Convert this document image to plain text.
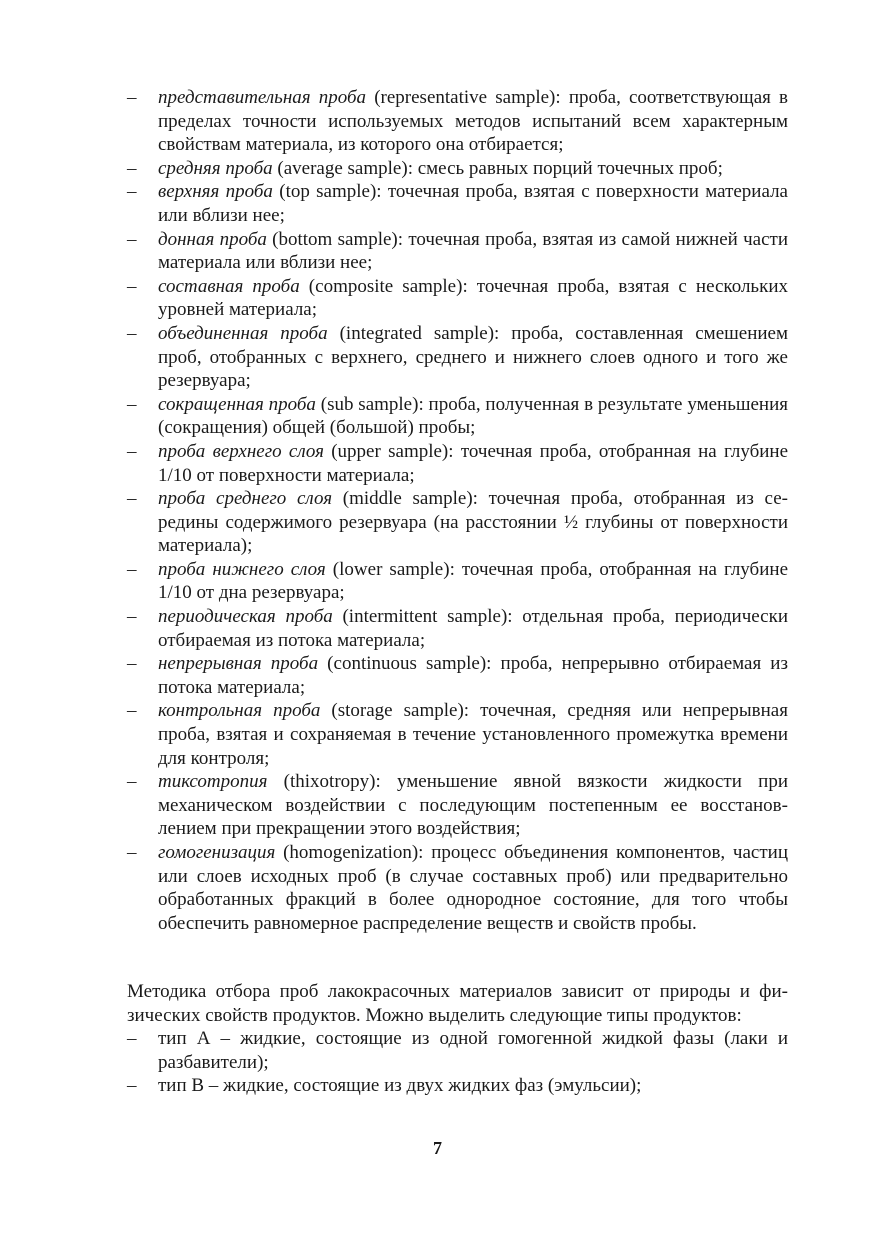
– представительная проба (representative sample): проба, соответствующая в пределах точности используемых методов испытаний всем характерным свойствам материала, из которого она отбирается;
– средняя проба (average sample): смесь равных порций точечных проб;
– верхняя проба (top sample): точечная проба, взятая с поверхности материала или вблизи нее;
– донная проба (bottom sample): точечная проба, взятая из самой нижней части материала или вблизи нее;
– составная проба (composite sample): точечная проба, взятая с нескольких уровней материала;
– объединенная проба (integrated sample): проба, составленная смешением проб, отобранных с верхнего, среднего и нижнего слоев одного и того же резервуара;
– сокращенная проба (sub sample): проба, полученная в результате уменьшения (сокращения) общей (большой) пробы;
– проба верхнего слоя (upper sample): точечная проба, отобранная на глубине 1/10 от поверхности материала;
– проба среднего слоя (middle sample): точечная проба, отобранная из середины содержимого резервуара (на расстоянии ½ глубины от поверхности материала);
– проба нижнего слоя (lower sample): точечная проба, отобранная на глубине 1/10 от дна резервуара;
– периодическая проба (intermittent sample): отдельная проба, периодически отбираемая из потока материала;
– непрерывная проба (continuous sample): проба, непрерывно отбираемая из потока материала;
– контрольная проба (storage sample): точечная, средняя или непрерывная проба, взятая и сохраняемая в течение установленного промежутка времени для контроля;
– тиксотропия (thixotropy): уменьшение явной вязкости жидкости при механическом воздействии с последующим постепенным ее восстановлением при прекращении этого воздействия;
– гомогенизация (homogenization): процесс объединения компонентов, частиц или слоев исходных проб (в случае составных проб) или предварительно обработанных фракций в более однородное состояние, для того чтобы обеспечить равномерное распределение веществ и свойств пробы.

Методика отбора проб лакокрасочных материалов зависит от природы и физических свойств продуктов. Можно выделить следующие типы продуктов:

– тип А – жидкие, состоящие из одной гомогенной жидкой фазы (лаки и разбавители);
– тип В – жидкие, состоящие из двух жидких фаз (эмульсии);
7
